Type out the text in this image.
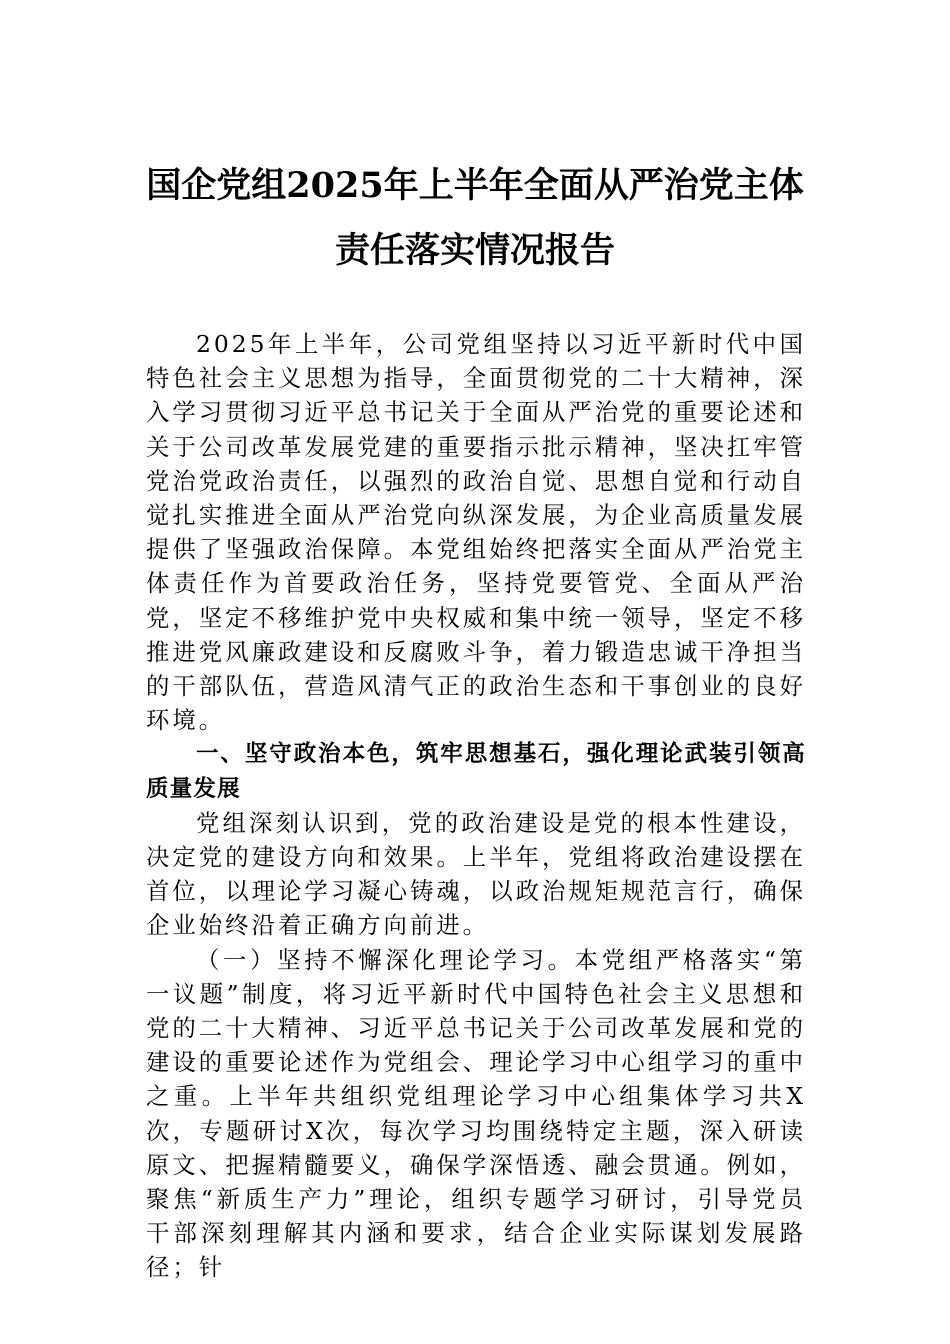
国企党组2025年上半年全面从严治党主体
责任落实情况报告

2025年上半年，公司党组坚持以习近平新时代中国特色社会主义思想为指导，全面贯彻党的二十大精神，深入学习贯彻习近平总书记关于全面从严治党的重要论述和关于公司改革发展党建的重要指示批示精神，坚决扛牢管党治党政治责任，以强烈的政治自觉、思想自觉和行动自觉扎实推进全面从严治党向纵深发展，为企业高质量发展提供了坚强政治保障。本党组始终把落实全面从严治党主体责任作为首要政治任务，坚持党要管党、全面从严治党，坚定不移维护党中央权威和集中统一领导，坚定不移推进党风廉政建设和反腐败斗争，着力锻造忠诚干净担当的干部队伍，营造风清气正的政治生态和干事创业的良好环境。

一、坚守政治本色，筑牢思想基石，强化理论武装引领高质量发展

党组深刻认识到，党的政治建设是党的根本性建设，决定党的建设方向和效果。上半年，党组将政治建设摆在首位，以理论学习凝心铸魂，以政治规矩规范言行，确保企业始终沿着正确方向前进。

（一）坚持不懈深化理论学习。本党组严格落实“第一议题”制度，将习近平新时代中国特色社会主义思想和党的二十大精神、习近平总书记关于公司改革发展和党的建设的重要论述作为党组会、理论学习中心组学习的重中之重。上半年共组织党组理论学习中心组集体学习共X次，专题研讨X次，每次学习均围绕特定主题，深入研读原文、把握精髓要义，确保学深悟透、融会贯通。例如，聚焦“新质生产力”理论，组织专题学习研讨，引导党员干部深刻理解其内涵和要求，结合企业实际谋划发展路径；针
